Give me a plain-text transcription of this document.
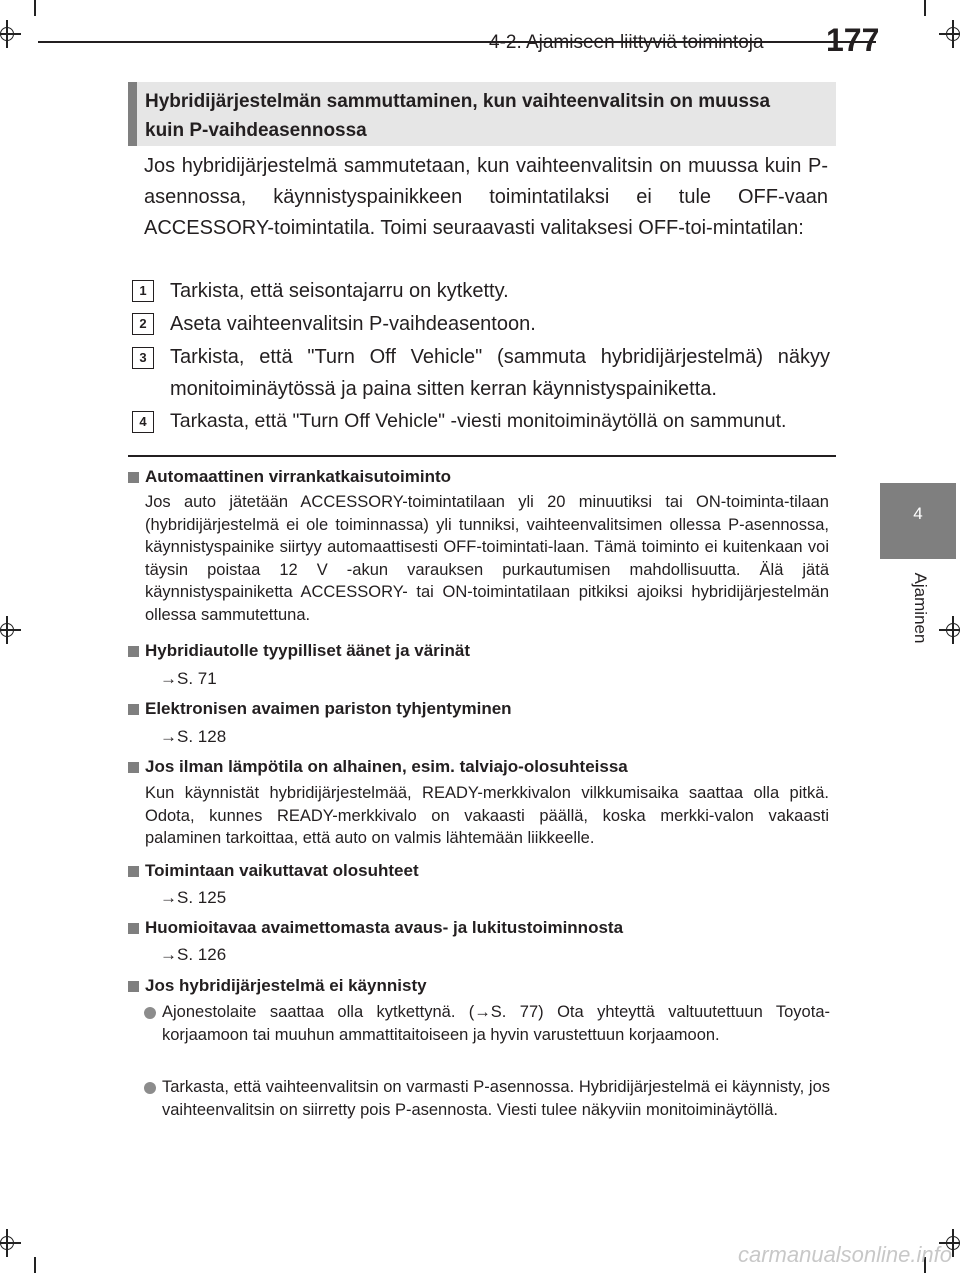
4-2. Ajamiseen liittyviä toimintoja 177
4
Ajaminen
Hybridijärjestelmän sammuttaminen, kun vaihteenvalitsin on muussa
kuin P-vaihdeasennossa
Jos hybridijärjestelmä sammutetaan, kun vaihteenvalitsin on muussa kuin P-asennossa, käynnistyspainikkeen toimintatilaksi ei tule OFF-vaan ACCESSORY-toimintatila. Toimi seuraavasti valitaksesi OFF-toi-mintatilan:
1	Tarkista, että seisontajarru on kytketty.
2	Aseta vaihteenvalitsin P-vaihdeasentoon.
3	Tarkista, että "Turn Off Vehicle" (sammuta hybridijärjestelmä) näkyy monitoiminäytössä ja paina sitten kerran käynnistyspainiketta.
4	Tarkasta, että "Turn Off Vehicle" -viesti monitoiminäytöllä on sammunut.
Automaattinen virrankatkaisutoiminto
Jos auto jätetään ACCESSORY-toimintatilaan yli 20 minuutiksi tai ON-toiminta-tilaan (hybridijärjestelmä ei ole toiminnassa) yli tunniksi, vaihteenvalitsimen ollessa P-asennossa, käynnistyspainike siirtyy automaattisesti OFF-toimintati-laan. Tämä toiminto ei kuitenkaan voi täysin poistaa 12 V -akun varauksen purkautumisen mahdollisuutta. Älä jätä käynnistyspainiketta ACCESSORY- tai ON-toimintatilaan pitkiksi ajoiksi hybridijärjestelmän ollessa sammutettuna.
Hybridiautolle tyypilliset äänet ja värinät
→S. 71
Elektronisen avaimen pariston tyhjentyminen
→S. 128
Jos ilman lämpötila on alhainen, esim. talviajo-olosuhteissa
Kun käynnistät hybridijärjestelmää, READY-merkkivalon vilkkumisaika saattaa olla pitkä. Odota, kunnes READY-merkkivalo on vakaasti päällä, koska merkki-valon vakaasti palaminen tarkoittaa, että auto on valmis lähtemään liikkeelle.
Toimintaan vaikuttavat olosuhteet
→S. 125
Huomioitavaa avaimettomasta avaus- ja lukitustoiminnosta
→S. 126
Jos hybridijärjestelmä ei käynnisty
Ajonestolaite saattaa olla kytkettynä. (→S. 77) Ota yhteyttä valtuutettuun Toyota-korjaamoon tai muuhun ammattitaitoiseen ja hyvin varustettuun korjaamoon.
Tarkasta, että vaihteenvalitsin on varmasti P-asennossa. Hybridijärjestelmä ei käynnisty, jos vaihteenvalitsin on siirretty pois P-asennosta. Viesti tulee näkyviin monitoiminäytöllä.
carmanualsonline.info
